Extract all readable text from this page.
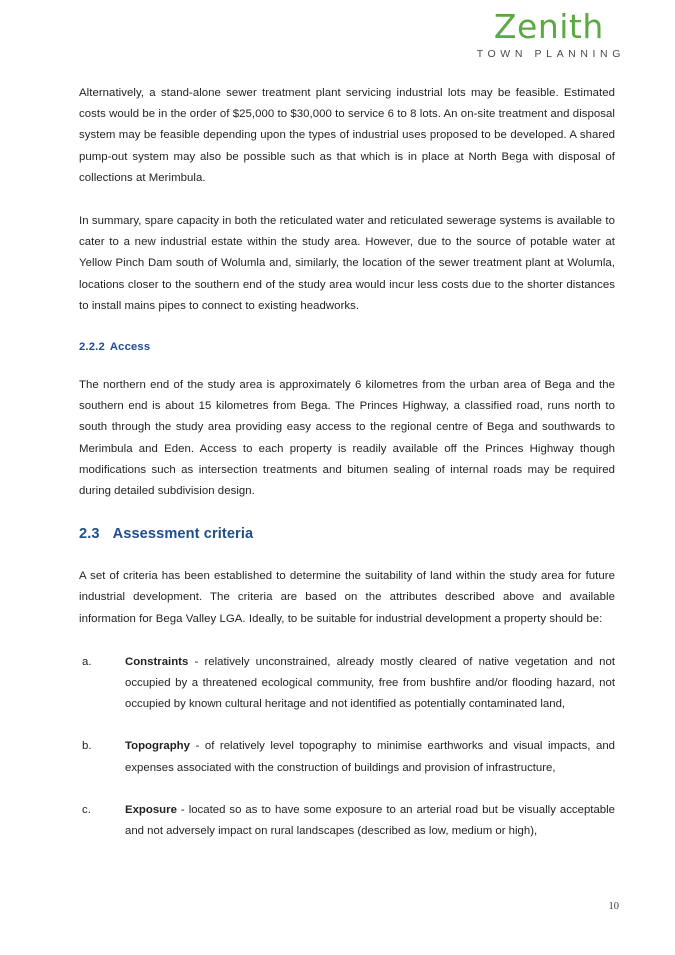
Zenith
TOWN PLANNING

Alternatively, a stand-alone sewer treatment plant servicing industrial lots may be feasible. Estimated costs would be in the order of $25,000 to $30,000 to service 6 to 8 lots. An on-site treatment and disposal system may be feasible depending upon the types of industrial uses proposed to be developed. A shared pump-out system may also be possible such as that which is in place at North Bega with disposal of collections at Merimbula.

In summary, spare capacity in both the reticulated water and reticulated sewerage systems is available to cater to a new industrial estate within the study area. However, due to the source of potable water at Yellow Pinch Dam south of Wolumla and, similarly, the location of the sewer treatment plant at Wolumla, locations closer to the southern end of the study area would incur less costs due to the shorter distances to install mains pipes to connect to existing headworks.

2.2.2 Access

The northern end of the study area is approximately 6 kilometres from the urban area of Bega and the southern end is about 15 kilometres from Bega. The Princes Highway, a classified road, runs north to south through the study area providing easy access to the regional centre of Bega and southwards to Merimbula and Eden. Access to each property is readily available off the Princes Highway though modifications such as intersection treatments and bitumen sealing of internal roads may be required during detailed subdivision design.

2.3 Assessment criteria

A set of criteria has been established to determine the suitability of land within the study area for future industrial development. The criteria are based on the attributes described above and available information for Bega Valley LGA. Ideally, to be suitable for industrial development a property should be:

a.	Constraints - relatively unconstrained, already mostly cleared of native vegetation and not occupied by a threatened ecological community, free from bushfire and/or flooding hazard, not occupied by known cultural heritage and not identified as potentially contaminated land,
b.	Topography - of relatively level topography to minimise earthworks and visual impacts, and expenses associated with the construction of buildings and provision of infrastructure,
c.	Exposure - located so as to have some exposure to an arterial road but be visually acceptable and not adversely impact on rural landscapes (described as low, medium or high),
10
